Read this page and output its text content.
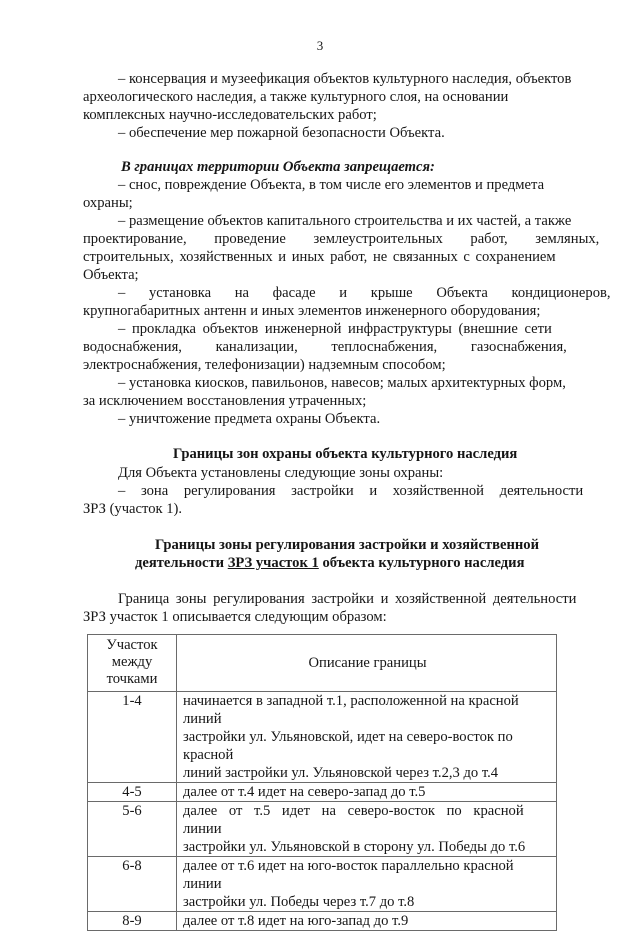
3
– консервация и музеефикация объектов культурного наследия, объектов
археологического наследия, а также культурного слоя, на основании
комплексных научно-исследовательских работ;
– обеспечение мер пожарной безопасности Объекта.
В границах территории Объекта запрещается:
– снос, повреждение Объекта, в том числе его элементов и предмета
охраны;
– размещение объектов капитального строительства и их частей, а также
проектирование, проведение землеустроительных работ, земляных,
строительных, хозяйственных и иных работ, не связанных с сохранением
Объекта;
– установка на фасаде и крыше Объекта кондиционеров,
крупногабаритных антенн и иных элементов инженерного оборудования;
– прокладка объектов инженерной инфраструктуры (внешние сети
водоснабжения, канализации, теплоснабжения, газоснабжения,
электроснабжения, телефонизации) надземным способом;
– установка киосков, павильонов, навесов; малых архитектурных форм,
за исключением восстановления утраченных;
– уничтожение предмета охраны Объекта.
Границы зон охраны объекта культурного наследия
Для Объекта установлены следующие зоны охраны:
– зона регулирования застройки и хозяйственной деятельности
ЗРЗ (участок 1).
Границы зоны регулирования застройки и хозяйственной
деятельности ЗРЗ участок 1 объекта культурного наследия
Граница зоны регулирования застройки и хозяйственной деятельности
ЗРЗ участок 1 описывается следующим образом:
Участок
между
точками	Описание границы
1-4	начинается в западной т.1, расположенной на красной линий
застройки ул. Ульяновской, идет на северо-восток по красной
линий застройки ул. Ульяновской через т.2,3 до т.4

4-5	далее от т.4 идет на северо-запад до т.5

5-6	далее от т.5 идет на северо-восток по красной линии
застройки ул. Ульяновской в сторону ул. Победы до т.6

6-8	далее от т.6 идет на юго-восток параллельно красной линии
застройки ул. Победы через т.7 до т.8

8-9	далее от т.8 идет на юго-запад до т.9
